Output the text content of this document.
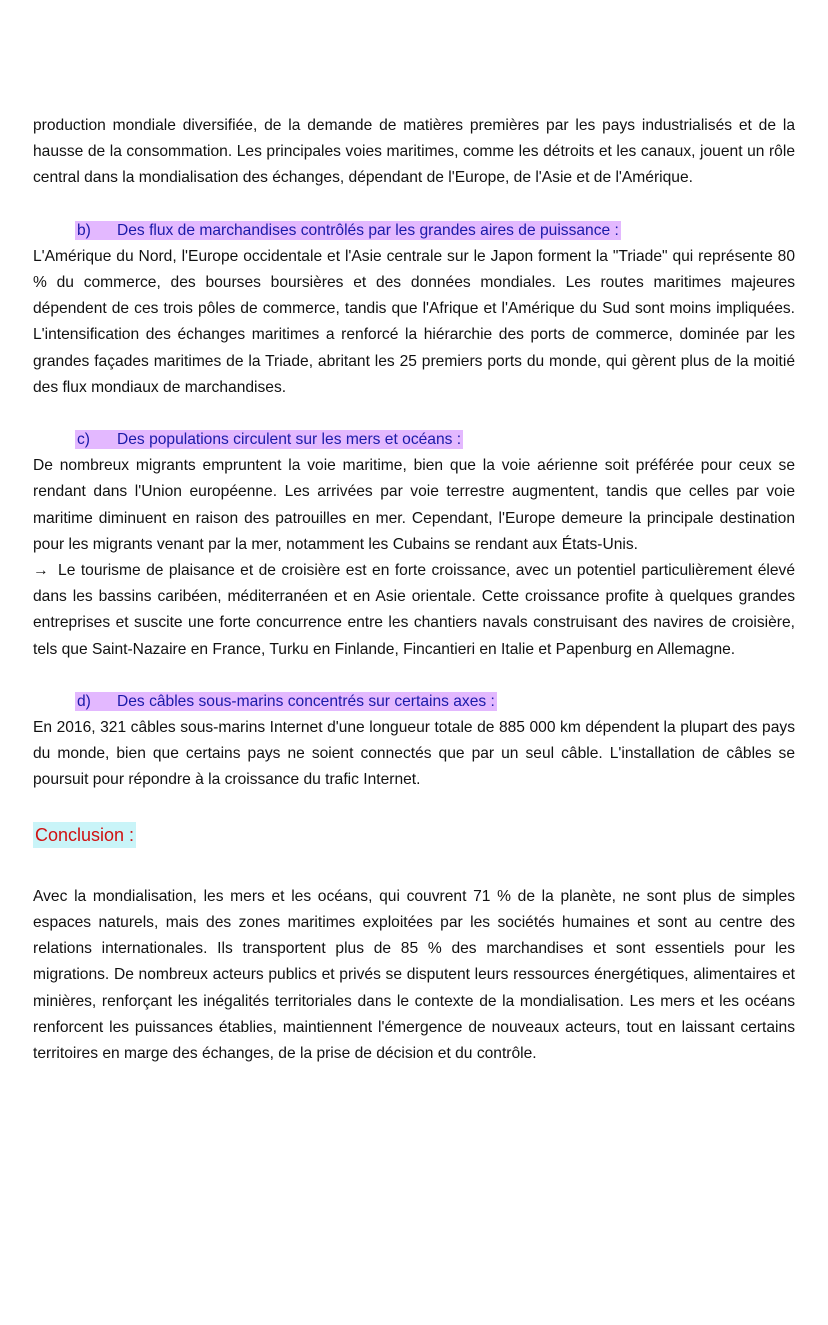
production mondiale diversifiée, de la demande de matières premières par les pays industrialisés et de la hausse de la consommation. Les principales voies maritimes, comme les détroits et les canaux, jouent un rôle central dans la mondialisation des échanges, dépendant de l'Europe, de l'Asie et de l'Amérique.

b) Des flux de marchandises contrôlés par les grandes aires de puissance :

L'Amérique du Nord, l'Europe occidentale et l'Asie centrale sur le Japon forment la "Triade" qui représente 80 % du commerce, des bourses boursières et des données mondiales. Les routes maritimes majeures dépendent de ces trois pôles de commerce, tandis que l'Afrique et l'Amérique du Sud sont moins impliquées. L'intensification des échanges maritimes a renforcé la hiérarchie des ports de commerce, dominée par les grandes façades maritimes de la Triade, abritant les 25 premiers ports du monde, qui gèrent plus de la moitié des flux mondiaux de marchandises.

c) Des populations circulent sur les mers et océans :

De nombreux migrants empruntent la voie maritime, bien que la voie aérienne soit préférée pour ceux se rendant dans l'Union européenne. Les arrivées par voie terrestre augmentent, tandis que celles par voie maritime diminuent en raison des patrouilles en mer. Cependant, l'Europe demeure la principale destination pour les migrants venant par la mer, notamment les Cubains se rendant aux États-Unis.

→ Le tourisme de plaisance et de croisière est en forte croissance, avec un potentiel particulièrement élevé dans les bassins caribéen, méditerranéen et en Asie orientale. Cette croissance profite à quelques grandes entreprises et suscite une forte concurrence entre les chantiers navals construisant des navires de croisière, tels que Saint-Nazaire en France, Turku en Finlande, Fincantieri en Italie et Papenburg en Allemagne.

d) Des câbles sous-marins concentrés sur certains axes :

En 2016, 321 câbles sous-marins Internet d'une longueur totale de 885 000 km dépendent la plupart des pays du monde, bien que certains pays ne soient connectés que par un seul câble. L'installation de câbles se poursuit pour répondre à la croissance du trafic Internet.

Conclusion :

Avec la mondialisation, les mers et les océans, qui couvrent 71 % de la planète, ne sont plus de simples espaces naturels, mais des zones maritimes exploitées par les sociétés humaines et sont au centre des relations internationales. Ils transportent plus de 85 % des marchandises et sont essentiels pour les migrations. De nombreux acteurs publics et privés se disputent leurs ressources énergétiques, alimentaires et minières, renforçant les inégalités territoriales dans le contexte de la mondialisation. Les mers et les océans renforcent les puissances établies, maintiennent l'émergence de nouveaux acteurs, tout en laissant certains territoires en marge des échanges, de la prise de décision et du contrôle.
